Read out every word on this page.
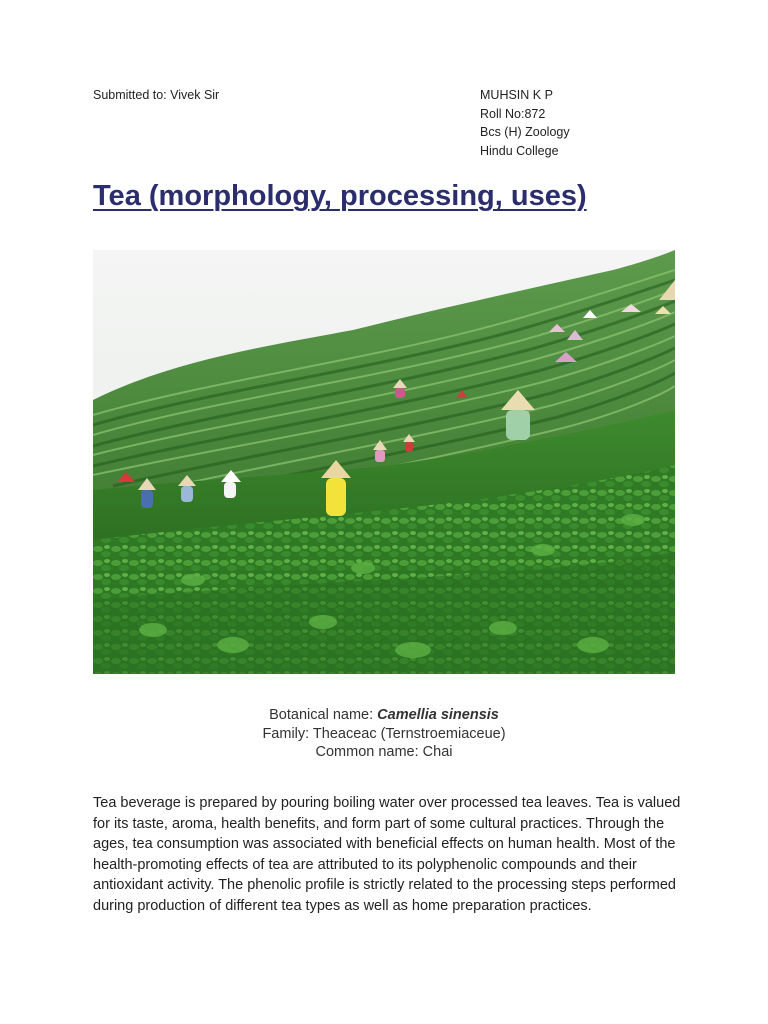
Submitted to: Vivek Sir	MUHSIN K P
Roll No:872
Bcs (H) Zoology
Hindu College
Tea (morphology, processing, uses)
Botanical name: Camellia sinensis
Family: Theaceac (Ternstroemiaceue)
Common name: Chai

Tea beverage is prepared by pouring boiling water over processed tea leaves. Tea is valued for its taste, aroma, health benefits, and form part of some cultural practices. Through the ages, tea consumption was associated with beneficial effects on human health. Most of the health-promoting effects of tea are attributed to its polyphenolic compounds and their antioxidant activity. The phenolic profile is strictly related to the processing steps performed during production of different tea types as well as home preparation practices.
